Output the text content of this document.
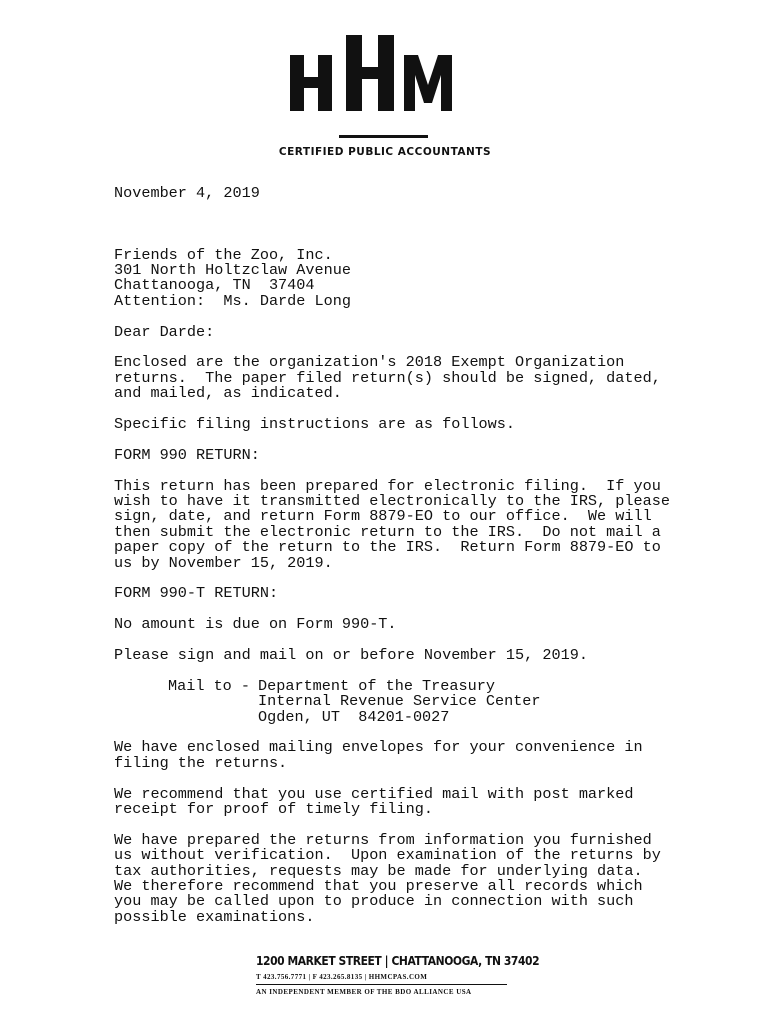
CERTIFIED PUBLIC ACCOUNTANTS
November 4, 2019
Friends of the Zoo, Inc.
301 North Holtzclaw Avenue
Chattanooga, TN  37404
Attention:  Ms. Darde Long
Dear Darde:
Enclosed are the organization's 2018 Exempt Organization
returns.  The paper filed return(s) should be signed, dated,
and mailed, as indicated.
Specific filing instructions are as follows.
FORM 990 RETURN:
This return has been prepared for electronic filing.  If you
wish to have it transmitted electronically to the IRS, please
sign, date, and return Form 8879-EO to our office.  We will
then submit the electronic return to the IRS.  Do not mail a
paper copy of the return to the IRS.  Return Form 8879-EO to
us by November 15, 2019.
FORM 990-T RETURN:
No amount is due on Form 990-T.
Please sign and mail on or before November 15, 2019.
Mail to -
Department of the Treasury
Internal Revenue Service Center
Ogden, UT  84201-0027
We have enclosed mailing envelopes for your convenience in
filing the returns.
We recommend that you use certified mail with post marked
receipt for proof of timely filing.
We have prepared the returns from information you furnished
us without verification.  Upon examination of the returns by
tax authorities, requests may be made for underlying data.
We therefore recommend that you preserve all records which
you may be called upon to produce in connection with such
possible examinations.
1200 MARKET STREET | CHATTANOOGA, TN 37402
T 423.756.7771 | F 423.265.8135 | HHMCPAS.COM
AN INDEPENDENT MEMBER OF THE BDO ALLIANCE USA
